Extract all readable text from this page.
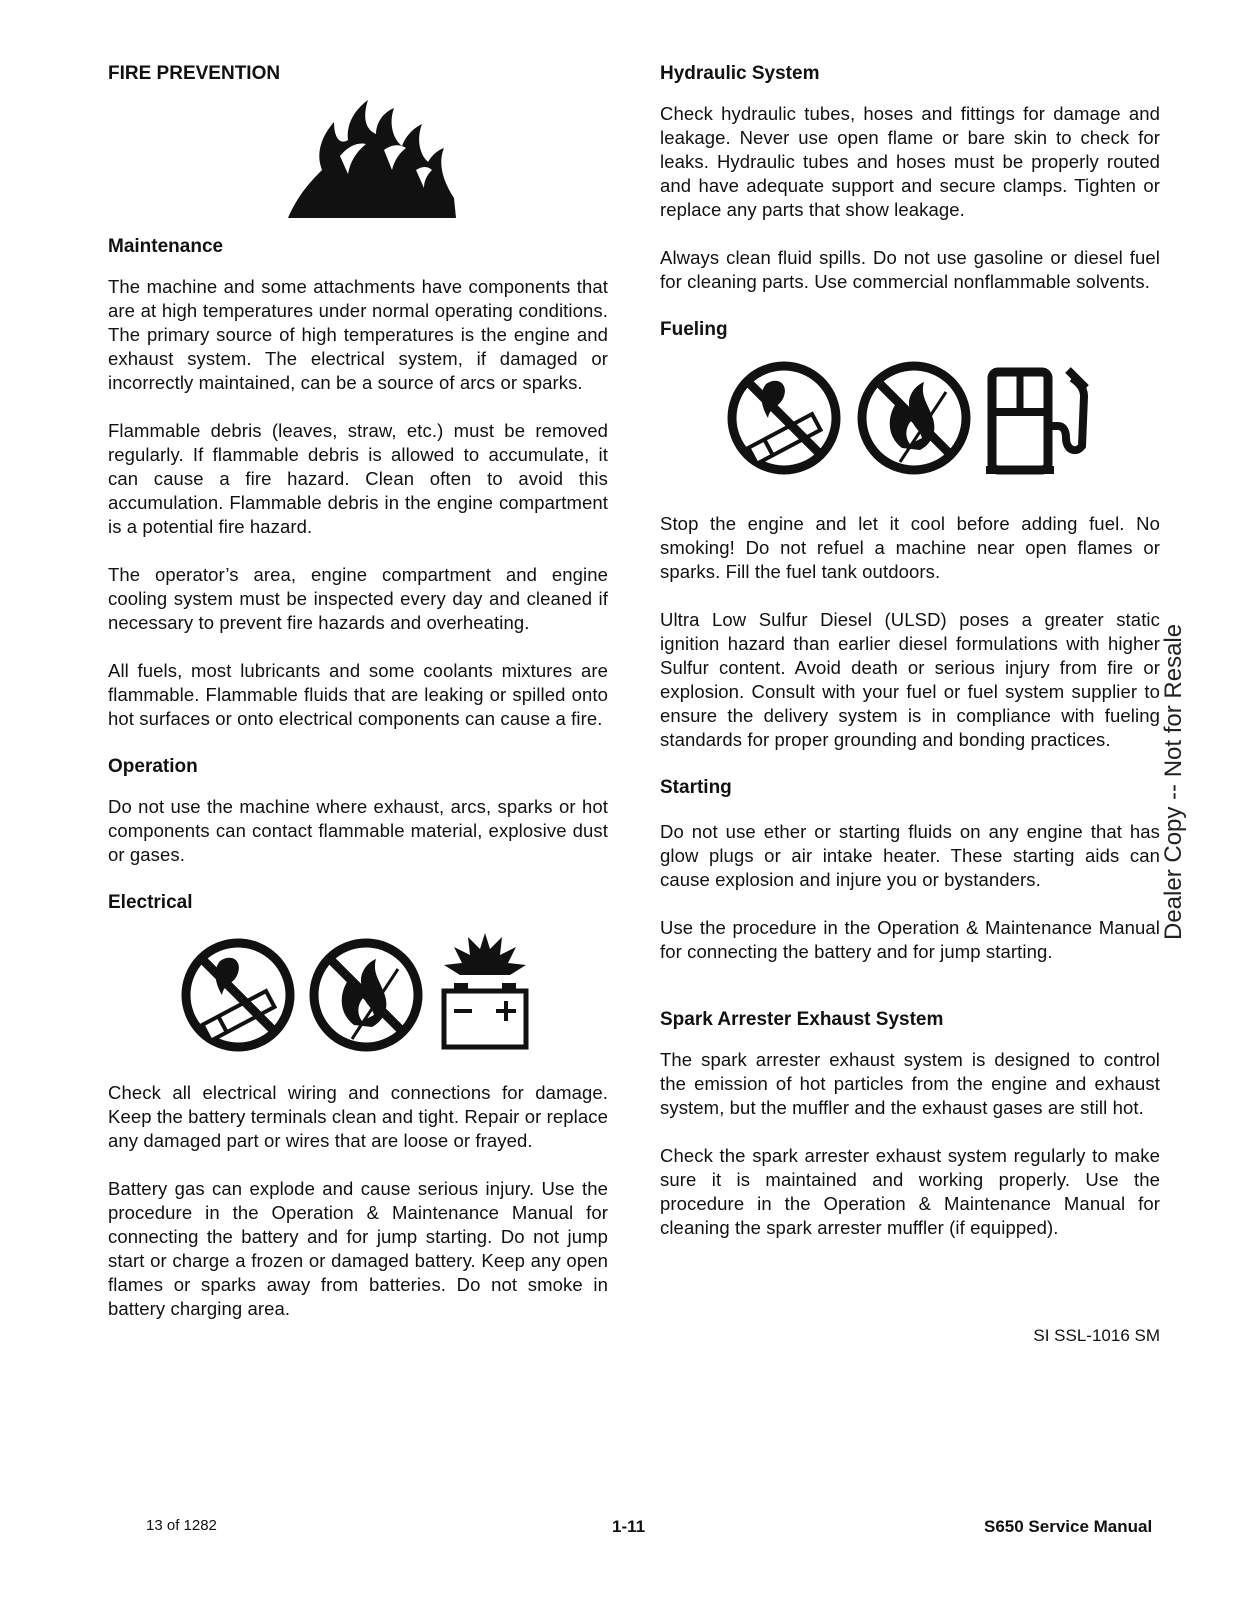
FIRE PREVENTION
Maintenance

The machine and some attachments have components that are at high temperatures under normal operating conditions. The primary source of high temperatures is the engine and exhaust system. The electrical system, if damaged or incorrectly maintained, can be a source of arcs or sparks.

Flammable debris (leaves, straw, etc.) must be removed regularly. If flammable debris is allowed to accumulate, it can cause a fire hazard. Clean often to avoid this accumulation. Flammable debris in the engine compartment is a potential fire hazard.

The operator’s area, engine compartment and engine cooling system must be inspected every day and cleaned if necessary to prevent fire hazards and overheating.

All fuels, most lubricants and some coolants mixtures are flammable. Flammable fluids that are leaking or spilled onto hot surfaces or onto electrical components can cause a fire.

Operation

Do not use the machine where exhaust, arcs, sparks or hot components can contact flammable material, explosive dust or gases.

Electrical

Check all electrical wiring and connections for damage. Keep the battery terminals clean and tight. Repair or replace any damaged part or wires that are loose or frayed.

Battery gas can explode and cause serious injury. Use the procedure in the Operation & Maintenance Manual for connecting the battery and for jump starting. Do not jump start or charge a frozen or damaged battery. Keep any open flames or sparks away from batteries. Do not smoke in battery charging area.

Hydraulic System

Check hydraulic tubes, hoses and fittings for damage and leakage. Never use open flame or bare skin to check for leaks. Hydraulic tubes and hoses must be properly routed and have adequate support and secure clamps. Tighten or replace any parts that show leakage.

Always clean fluid spills. Do not use gasoline or diesel fuel for cleaning parts. Use commercial nonflammable solvents.

Fueling

Stop the engine and let it cool before adding fuel. No smoking! Do not refuel a machine near open flames or sparks. Fill the fuel tank outdoors.

Ultra Low Sulfur Diesel (ULSD) poses a greater static ignition hazard than earlier diesel formulations with higher Sulfur content. Avoid death or serious injury from fire or explosion. Consult with your fuel or fuel system supplier to ensure the delivery system is in compliance with fueling standards for proper grounding and bonding practices.

Starting

Do not use ether or starting fluids on any engine that has glow plugs or air intake heater. These starting aids can cause explosion and injure you or bystanders.

Use the procedure in the Operation & Maintenance Manual for connecting the battery and for jump starting.

Spark Arrester Exhaust System

The spark arrester exhaust system is designed to control the emission of hot particles from the engine and exhaust system, but the muffler and the exhaust gases are still hot.

Check the spark arrester exhaust system regularly to make sure it is maintained and working properly. Use the procedure in the Operation & Maintenance Manual for cleaning the spark arrester muffler (if equipped).

SI SSL-1016 SM
Dealer Copy -- Not for Resale
13 of 1282	1-11	S650 Service Manual
